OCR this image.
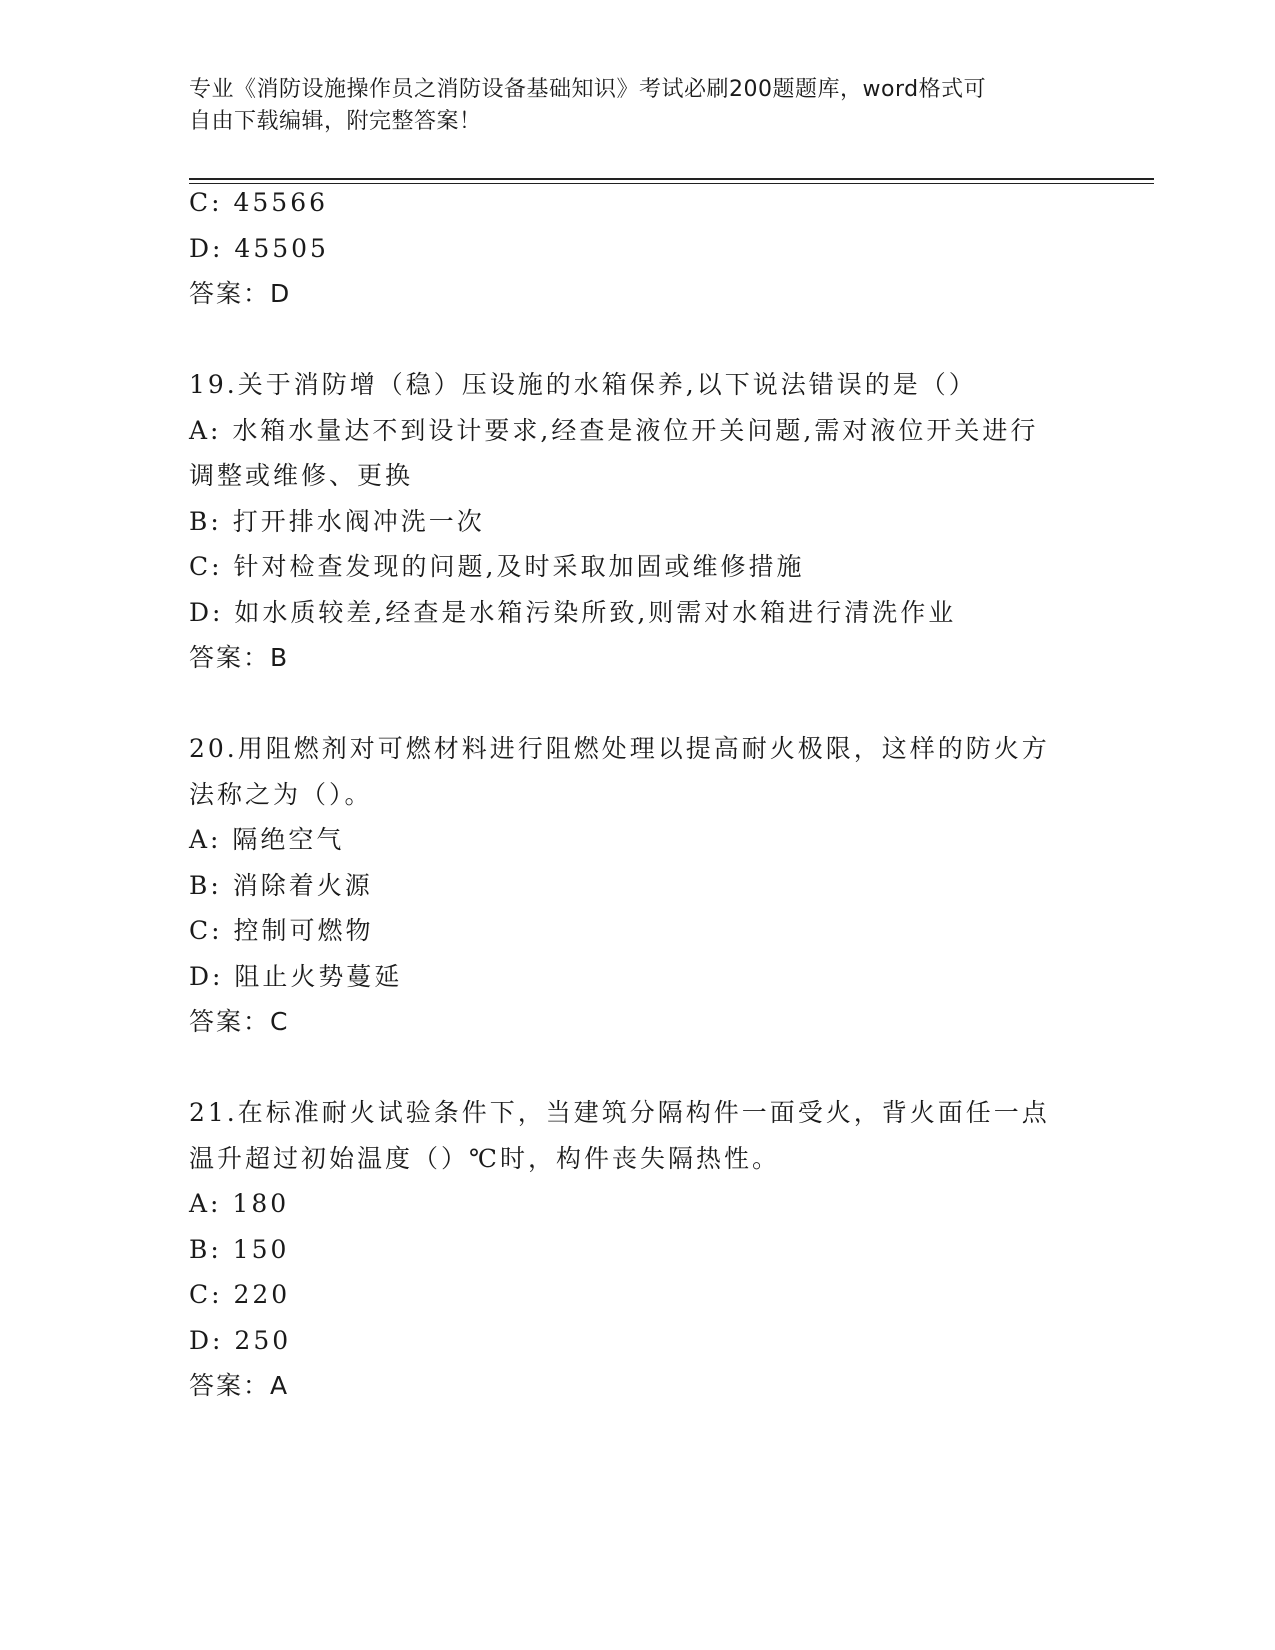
专业《消防设施操作员之消防设备基础知识》考试必刷200题题库，word格式可
自由下载编辑，附完整答案！
C: 45566
D: 45505
答案：D
19.关于消防增（稳）压设施的水箱保养,以下说法错误的是（）
A: 水箱水量达不到设计要求,经查是液位开关问题,需对液位开关进行
调整或维修、更换
B: 打开排水阀冲洗一次
C: 针对检查发现的问题,及时采取加固或维修措施
D: 如水质较差,经查是水箱污染所致,则需对水箱进行清洗作业
答案：B
20.用阻燃剂对可燃材料进行阻燃处理以提高耐火极限，这样的防火方
法称之为（）。
A: 隔绝空气
B: 消除着火源
C: 控制可燃物
D: 阻止火势蔓延
答案：C
21.在标准耐火试验条件下，当建筑分隔构件一面受火，背火面任一点
温升超过初始温度（）℃时，构件丧失隔热性。
A: 180
B: 150
C: 220
D: 250
答案：A
